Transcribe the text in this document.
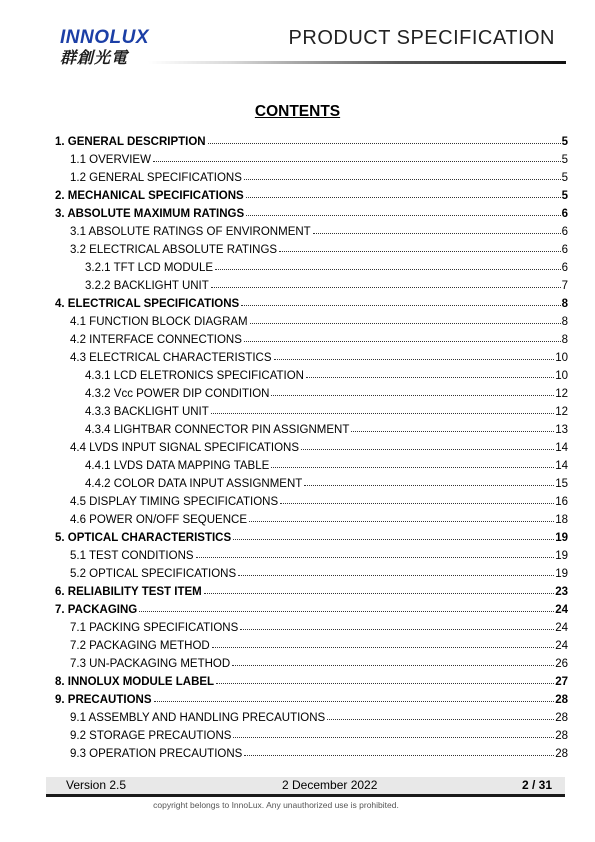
INNOLUX
群創光電
PRODUCT SPECIFICATION
CONTENTS
1. GENERAL DESCRIPTION	5
1.1 OVERVIEW	5
1.2 GENERAL SPECIFICATIONS	5
2. MECHANICAL SPECIFICATIONS	5
3. ABSOLUTE MAXIMUM RATINGS	6
3.1 ABSOLUTE RATINGS OF ENVIRONMENT	6
3.2 ELECTRICAL ABSOLUTE RATINGS	6
3.2.1 TFT LCD MODULE	6
3.2.2 BACKLIGHT UNIT	7
4. ELECTRICAL SPECIFICATIONS	8
4.1 FUNCTION BLOCK DIAGRAM	8
4.2 INTERFACE CONNECTIONS	8
4.3 ELECTRICAL CHARACTERISTICS	10
4.3.1 LCD ELETRONICS SPECIFICATION	10
4.3.2 Vcc POWER DIP CONDITION	12
4.3.3 BACKLIGHT UNIT	12
4.3.4 LIGHTBAR CONNECTOR PIN ASSIGNMENT	13
4.4 LVDS INPUT SIGNAL SPECIFICATIONS	14
4.4.1 LVDS DATA MAPPING TABLE	14
4.4.2 COLOR DATA INPUT ASSIGNMENT	15
4.5 DISPLAY TIMING SPECIFICATIONS	16
4.6 POWER ON/OFF SEQUENCE	18
5. OPTICAL CHARACTERISTICS	19
5.1 TEST CONDITIONS	19
5.2 OPTICAL SPECIFICATIONS	19
6. RELIABILITY TEST ITEM	23
7. PACKAGING	24
7.1 PACKING SPECIFICATIONS	24
7.2 PACKAGING METHOD	24
7.3 UN-PACKAGING METHOD	26
8. INNOLUX MODULE LABEL	27
9. PRECAUTIONS	28
9.1 ASSEMBLY AND HANDLING PRECAUTIONS	28
9.2 STORAGE PRECAUTIONS	28
9.3 OPERATION PRECAUTIONS	28
Version 2.5	2 December 2022	2 / 31
copyright belongs to InnoLux. Any unauthorized use is prohibited.
